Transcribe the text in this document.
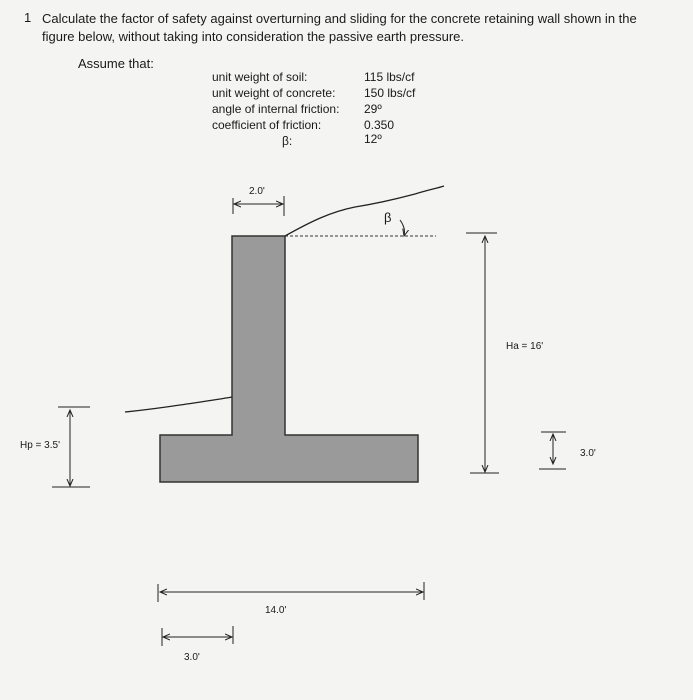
1 Calculate the factor of safety against overturning and sliding for the concrete retaining wall shown in the figure below, without taking into consideration the passive earth pressure.
Assume that:
unit weight of soil:	115 lbs/cf
unit weight of concrete: 150 lbs/cf
angle of internal friction: 29º
coefficient of friction:	0.350
β:	12º
2.0'
β
Ha = 16'
Hp = 3.5'
3.0'
14.0'
3.0'
